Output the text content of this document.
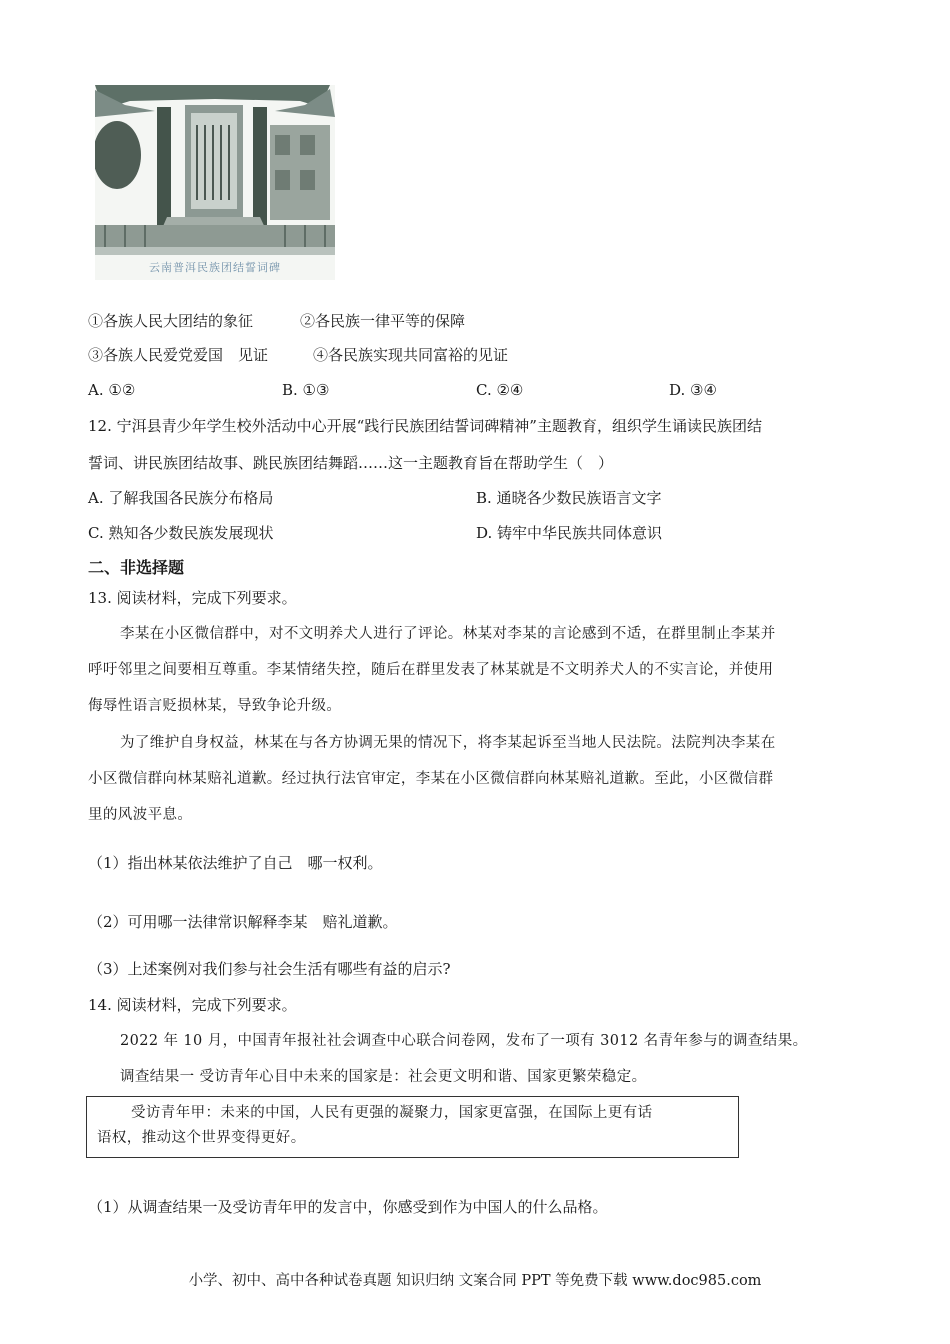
云南普洱民族团结誓词碑
①各族人民大团结的象征	②各民族一律平等的保障
③各族人民爱党爱国　见证	④各民族实现共同富裕的见证
A. ①②	B. ①③	C. ②④	D. ③④
12. 宁洱县青少年学生校外活动中心开展“践行民族团结誓词碑精神”主题教育，组织学生诵读民族团结
誓词、讲民族团结故事、跳民族团结舞蹈……这一主题教育旨在帮助学生（　）
A. 了解我国各民族分布格局	B. 通晓各少数民族语言文字
C. 熟知各少数民族发展现状	D. 铸牢中华民族共同体意识
二、非选择题
13. 阅读材料，完成下列要求。
李某在小区微信群中，对不文明养犬人进行了评论。林某对李某的言论感到不适，在群里制止李某并
呼吁邻里之间要相互尊重。李某情绪失控，随后在群里发表了林某就是不文明养犬人的不实言论，并使用
侮辱性语言贬损林某，导致争论升级。
为了维护自身权益，林某在与各方协调无果的情况下，将李某起诉至当地人民法院。法院判决李某在
小区微信群向林某赔礼道歉。经过执行法官审定，李某在小区微信群向林某赔礼道歉。至此，小区微信群
里的风波平息。
（1）指出林某依法维护了自己　哪一权利。
（2）可用哪一法律常识解释李某　赔礼道歉。
（3）上述案例对我们参与社会生活有哪些有益的启示?
14. 阅读材料，完成下列要求。
2022 年 10 月，中国青年报社社会调查中心联合问卷网，发布了一项有 3012 名青年参与的调查结果。
调查结果一 受访青年心目中未来的国家是：社会更文明和谐、国家更繁荣稳定。
受访青年甲：未来的中国，人民有更强的凝聚力，国家更富强，在国际上更有话
语权，推动这个世界变得更好。
（1）从调查结果一及受访青年甲的发言中，你感受到作为中国人的什么品格。
小学、初中、高中各种试卷真题 知识归纳 文案合同 PPT 等免费下载 www.doc985.com
